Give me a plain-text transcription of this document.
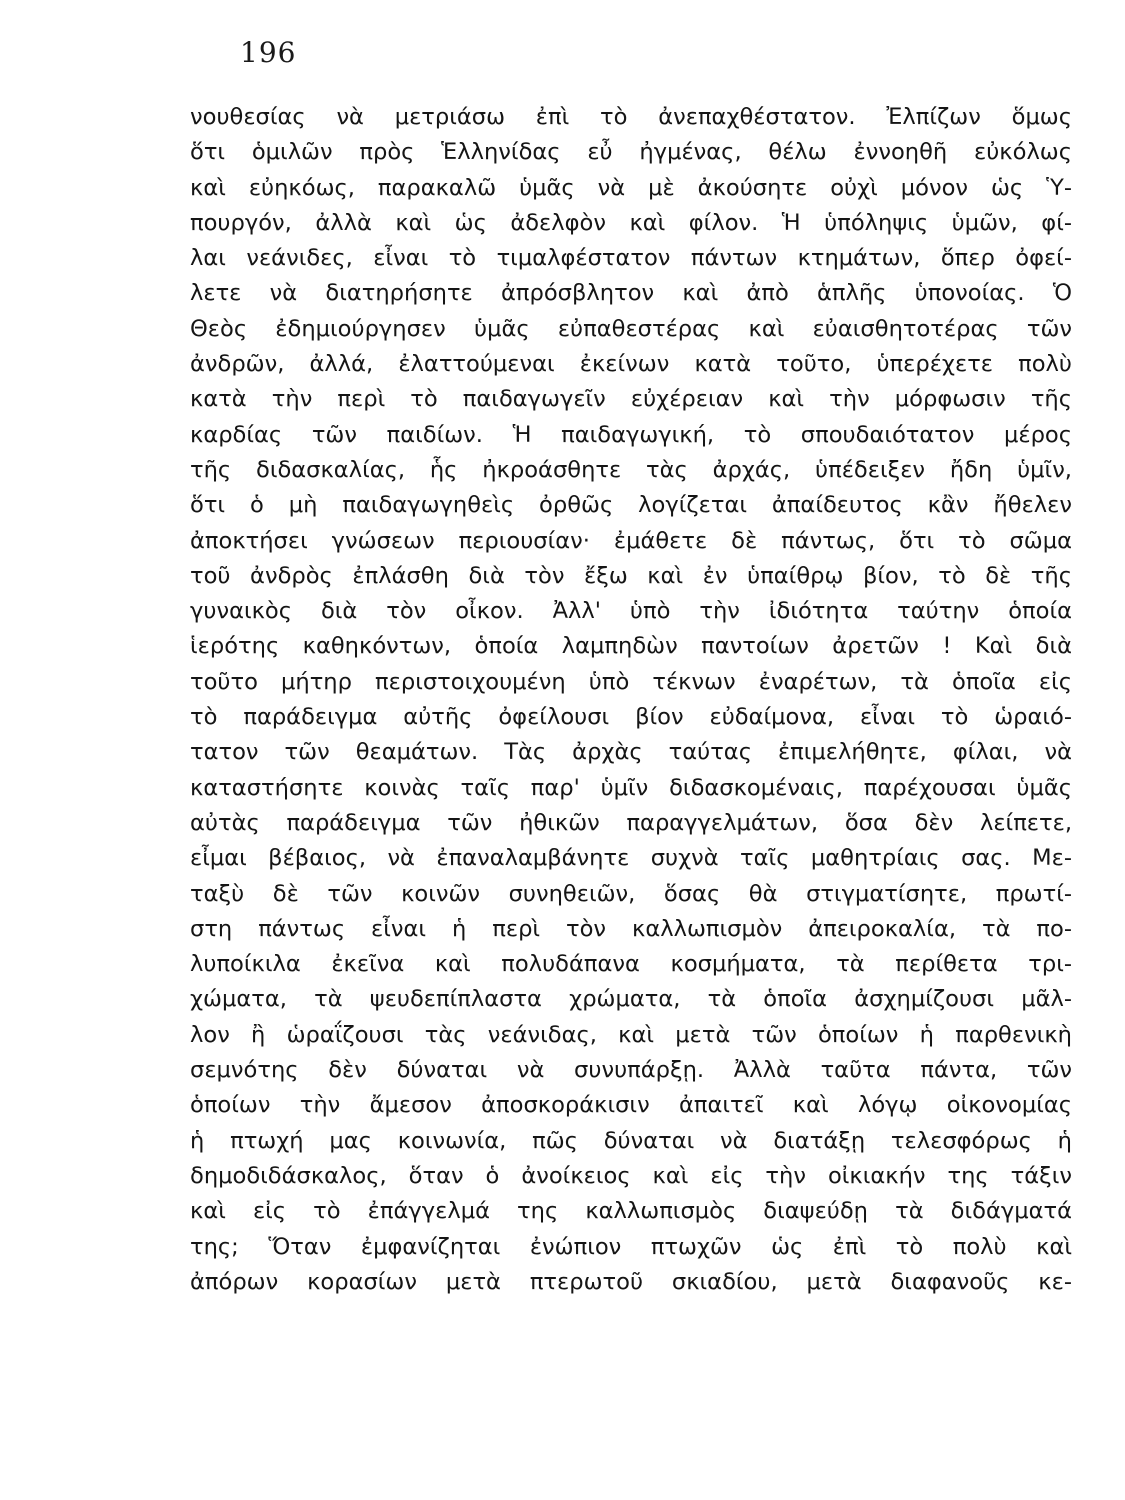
196
νουθεσίας νὰ μετριάσω ἐπὶ τὸ ἀνεπαχθέστατον. Ἐλπίζων ὅμως
ὅτι ὁμιλῶν πρὸς Ἑλληνίδας εὖ ἠγμένας, θέλω ἐννοηθῆ εὐκόλως
καὶ εὐηκόως, παρακαλῶ ὑμᾶς νὰ μὲ ἀκούσητε οὐχὶ μόνον ὡς Ὑ-
πουργόν, ἀλλὰ καὶ ὡς ἀδελφὸν καὶ φίλον. Ἡ ὑπόληψις ὑμῶν, φί-
λαι νεάνιδες, εἶναι τὸ τιμαλφέστατον πάντων κτημάτων, ὅπερ ὀφεί-
λετε νὰ διατηρήσητε ἀπρόσβλητον καὶ ἀπὸ ἁπλῆς ὑπονοίας. Ὁ
Θεὸς ἐδημιούργησεν ὑμᾶς εὐπαθεστέρας καὶ εὐαισθητοτέρας τῶν
ἀνδρῶν, ἀλλά, ἐλαττούμεναι ἐκείνων κατὰ τοῦτο, ὑπερέχετε πολὺ
κατὰ τὴν περὶ τὸ παιδαγωγεῖν εὐχέρειαν καὶ τὴν μόρφωσιν τῆς
καρδίας τῶν παιδίων. Ἡ παιδαγωγική, τὸ σπουδαιότατον μέρος
τῆς διδασκαλίας, ἧς ἠκροάσθητε τὰς ἀρχάς, ὑπέδειξεν ἤδη ὑμῖν,
ὅτι ὁ μὴ παιδαγωγηθεὶς ὀρθῶς λογίζεται ἀπαίδευτος κἂν ἤθελεν
ἀποκτήσει γνώσεων περιουσίαν· ἐμάθετε δὲ πάντως, ὅτι τὸ σῶμα
τοῦ ἀνδρὸς ἐπλάσθη διὰ τὸν ἔξω καὶ ἐν ὑπαίθρῳ βίον, τὸ δὲ τῆς
γυναικὸς διὰ τὸν οἶκον. Ἀλλ' ὑπὸ τὴν ἰδιότητα ταύτην ὁποία
ἱερότης καθηκόντων, ὁποία λαμπηδὼν παντοίων ἀρετῶν ! Καὶ διὰ
τοῦτο μήτηρ περιστοιχουμένη ὑπὸ τέκνων ἐναρέτων, τὰ ὁποῖα εἰς
τὸ παράδειγμα αὐτῆς ὀφείλουσι βίον εὐδαίμονα, εἶναι τὸ ὡραιό-
τατον τῶν θεαμάτων. Τὰς ἀρχὰς ταύτας ἐπιμελήθητε, φίλαι, νὰ
καταστήσητε κοινὰς ταῖς παρ' ὑμῖν διδασκομέναις, παρέχουσαι ὑμᾶς
αὐτὰς παράδειγμα τῶν ἠθικῶν παραγγελμάτων, ὅσα δὲν λείπετε,
εἶμαι βέβαιος, νὰ ἐπαναλαμβάνητε συχνὰ ταῖς μαθητρίαις σας. Με-
ταξὺ δὲ τῶν κοινῶν συνηθειῶν, ὅσας θὰ στιγματίσητε, πρωτί-
στη πάντως εἶναι ἡ περὶ τὸν καλλωπισμὸν ἀπειροκαλία, τὰ πο-
λυποίκιλα ἐκεῖνα καὶ πολυδάπανα κοσμήματα, τὰ περίθετα τρι-
χώματα, τὰ ψευδεπίπλαστα χρώματα, τὰ ὁποῖα ἀσχημίζουσι μᾶλ-
λον ἢ ὡραΐζουσι τὰς νεάνιδας, καὶ μετὰ τῶν ὁποίων ἡ παρθενικὴ
σεμνότης δὲν δύναται νὰ συνυπάρξῃ. Ἀλλὰ ταῦτα πάντα, τῶν
ὁποίων τὴν ἄμεσον ἀποσκοράκισιν ἀπαιτεῖ καὶ λόγῳ οἰκονομίας
ἡ πτωχή μας κοινωνία, πῶς δύναται νὰ διατάξῃ τελεσφόρως ἡ
δημοδιδάσκαλος, ὅταν ὁ ἀνοίκειος καὶ εἰς τὴν οἰκιακήν της τάξιν
καὶ εἰς τὸ ἐπάγγελμά της καλλωπισμὸς διαψεύδῃ τὰ διδάγματά
της; Ὅταν ἐμφανίζηται ἐνώπιον πτωχῶν ὡς ἐπὶ τὸ πολὺ καὶ
ἀπόρων κορασίων μετὰ πτερωτοῦ σκιαδίου, μετὰ διαφανοῦς κε-
